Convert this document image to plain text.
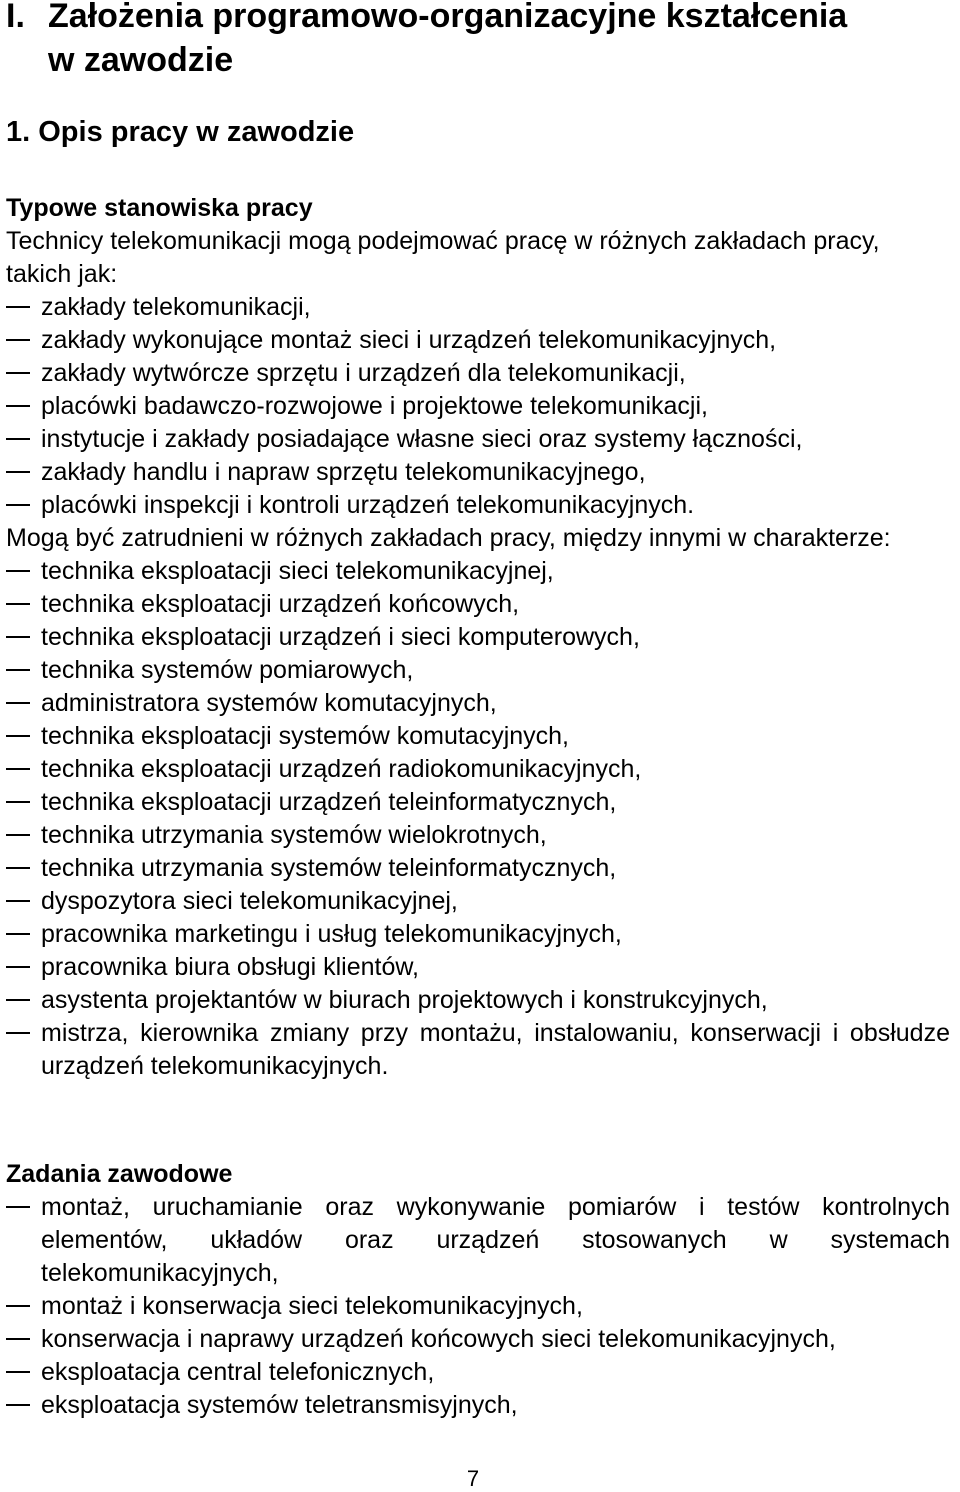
I. Założenia programowo-organizacyjne kształcenia
w zawodzie
1. Opis pracy w zawodzie

Typowe stanowiska pracy

Technicy telekomunikacji mogą podejmować pracę w różnych zakładach pracy, takich jak:

zakłady telekomunikacji,
zakłady wykonujące montaż sieci i urządzeń telekomunikacyjnych,
zakłady wytwórcze sprzętu i urządzeń dla telekomunikacji,
placówki badawczo-rozwojowe i projektowe telekomunikacji,
instytucje i zakłady posiadające własne sieci oraz systemy łączności,
zakłady handlu i napraw sprzętu telekomunikacyjnego,
placówki inspekcji i kontroli urządzeń telekomunikacyjnych.

Mogą być zatrudnieni w różnych zakładach pracy, między innymi w charakterze:

technika eksploatacji sieci telekomunikacyjnej,
technika eksploatacji urządzeń końcowych,
technika eksploatacji urządzeń i sieci komputerowych,
technika systemów pomiarowych,
administratora systemów komutacyjnych,
technika eksploatacji systemów komutacyjnych,
technika eksploatacji urządzeń radiokomunikacyjnych,
technika eksploatacji urządzeń teleinformatycznych,
technika utrzymania systemów wielokrotnych,
technika utrzymania systemów teleinformatycznych,
dyspozytora sieci telekomunikacyjnej,
pracownika marketingu i usług telekomunikacyjnych,
pracownika biura obsługi klientów,
asystenta projektantów w biurach projektowych i konstrukcyjnych,
mistrza, kierownika zmiany przy montażu, instalowaniu, konserwacji i obsłudze urządzeń telekomunikacyjnych.

Zadania zawodowe

montaż, uruchamianie oraz wykonywanie pomiarów i testów kontrolnych elementów, układów oraz urządzeń stosowanych w systemach telekomunikacyjnych,
montaż i konserwacja sieci telekomunikacyjnych,
konserwacja i naprawy urządzeń końcowych sieci telekomunikacyjnych,
eksploatacja central telefonicznych,
eksploatacja systemów teletransmisyjnych,
7
